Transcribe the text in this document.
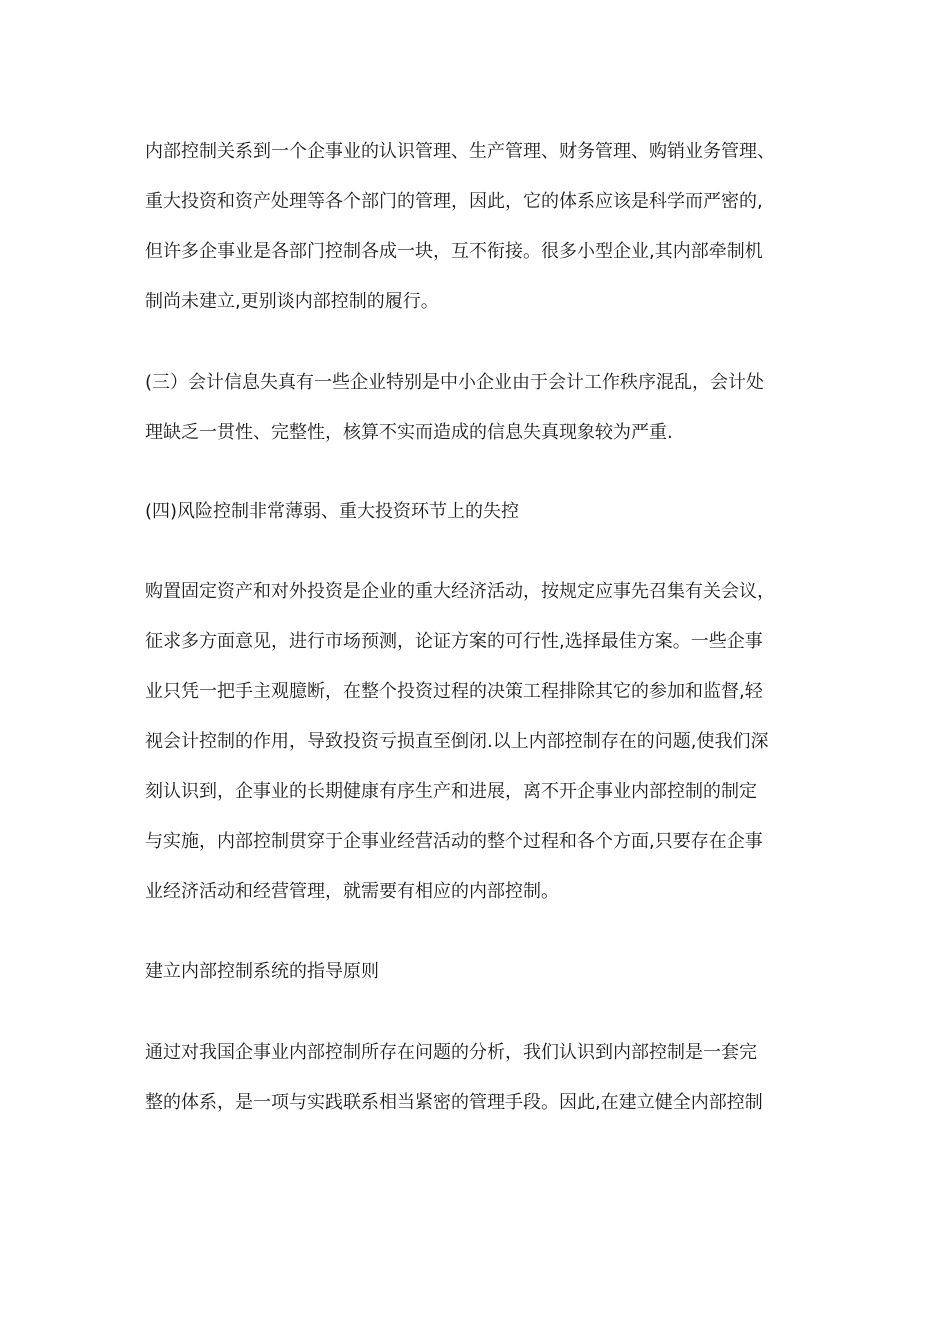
内部控制关系到一个企事业的认识管理、生产管理、财务管理、购销业务管理、
重大投资和资产处理等各个部门的管理，因此，它的体系应该是科学而严密的,
但许多企事业是各部门控制各成一块，互不衔接。很多小型企业,其内部牵制机
制尚未建立,更别谈内部控制的履行。
(三）会计信息失真有一些企业特别是中小企业由于会计工作秩序混乱，会计处
理缺乏一贯性、完整性，核算不实而造成的信息失真现象较为严重.
(四)风险控制非常薄弱、重大投资环节上的失控
购置固定资产和对外投资是企业的重大经济活动，按规定应事先召集有关会议，
征求多方面意见，进行市场预测，论证方案的可行性,选择最佳方案。一些企事
业只凭一把手主观臆断，在整个投资过程的决策工程排除其它的参加和监督,轻
视会计控制的作用，导致投资亏损直至倒闭.以上内部控制存在的问题,使我们深
刻认识到，企事业的长期健康有序生产和进展，离不开企事业内部控制的制定
与实施，内部控制贯穿于企事业经营活动的整个过程和各个方面,只要存在企事
业经济活动和经营管理，就需要有相应的内部控制。
建立内部控制系统的指导原则
通过对我国企事业内部控制所存在问题的分析，我们认识到内部控制是一套完
整的体系，是一项与实践联系相当紧密的管理手段。因此,在建立健全内部控制
